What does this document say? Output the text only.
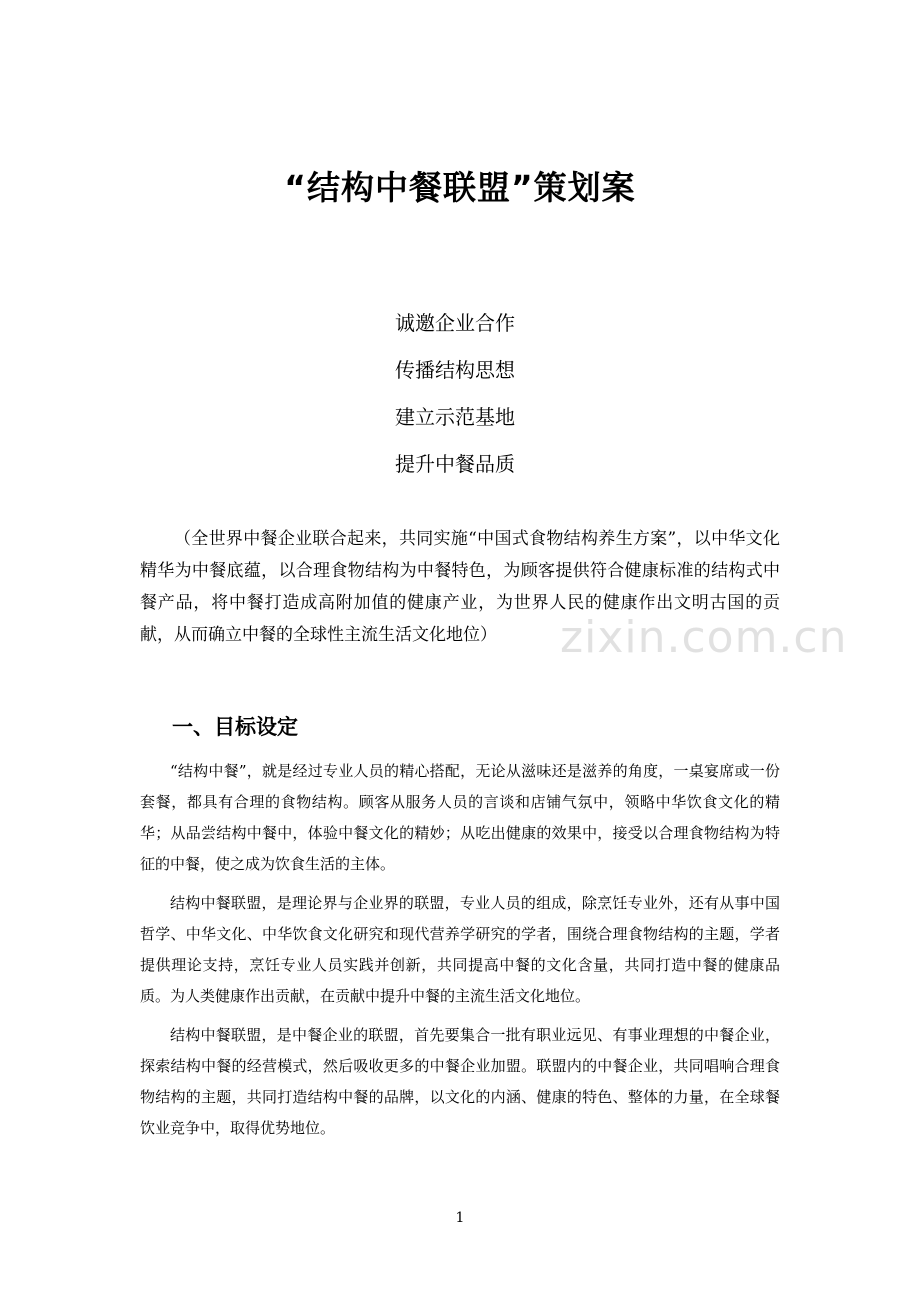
“结构中餐联盟”策划案
诚邀企业合作
传播结构思想
建立示范基地
提升中餐品质

（全世界中餐企业联合起来，共同实施“中国式食物结构养生方案”，以中华文化精华为中餐底蕴，以合理食物结构为中餐特色，为顾客提供符合健康标准的结构式中餐产品，将中餐打造成高附加值的健康产业，为世界人民的健康作出文明古国的贡献，从而确立中餐的全球性主流生活文化地位）	zixin.com.cn
一、目标设定

“结构中餐”，就是经过专业人员的精心搭配，无论从滋味还是滋养的角度，一桌宴席或一份套餐，都具有合理的食物结构。顾客从服务人员的言谈和店铺气氛中，领略中华饮食文化的精华；从品尝结构中餐中，体验中餐文化的精妙；从吃出健康的效果中，接受以合理食物结构为特征的中餐，使之成为饮食生活的主体。

结构中餐联盟，是理论界与企业界的联盟，专业人员的组成，除烹饪专业外，还有从事中国哲学、中华文化、中华饮食文化研究和现代营养学研究的学者，围绕合理食物结构的主题，学者提供理论支持，烹饪专业人员实践并创新，共同提高中餐的文化含量，共同打造中餐的健康品质。为人类健康作出贡献，在贡献中提升中餐的主流生活文化地位。

结构中餐联盟，是中餐企业的联盟，首先要集合一批有职业远见、有事业理想的中餐企业，探索结构中餐的经营模式，然后吸收更多的中餐企业加盟。联盟内的中餐企业，共同唱响合理食物结构的主题，共同打造结构中餐的品牌，以文化的内涵、健康的特色、整体的力量，在全球餐饮业竞争中，取得优势地位。

1
